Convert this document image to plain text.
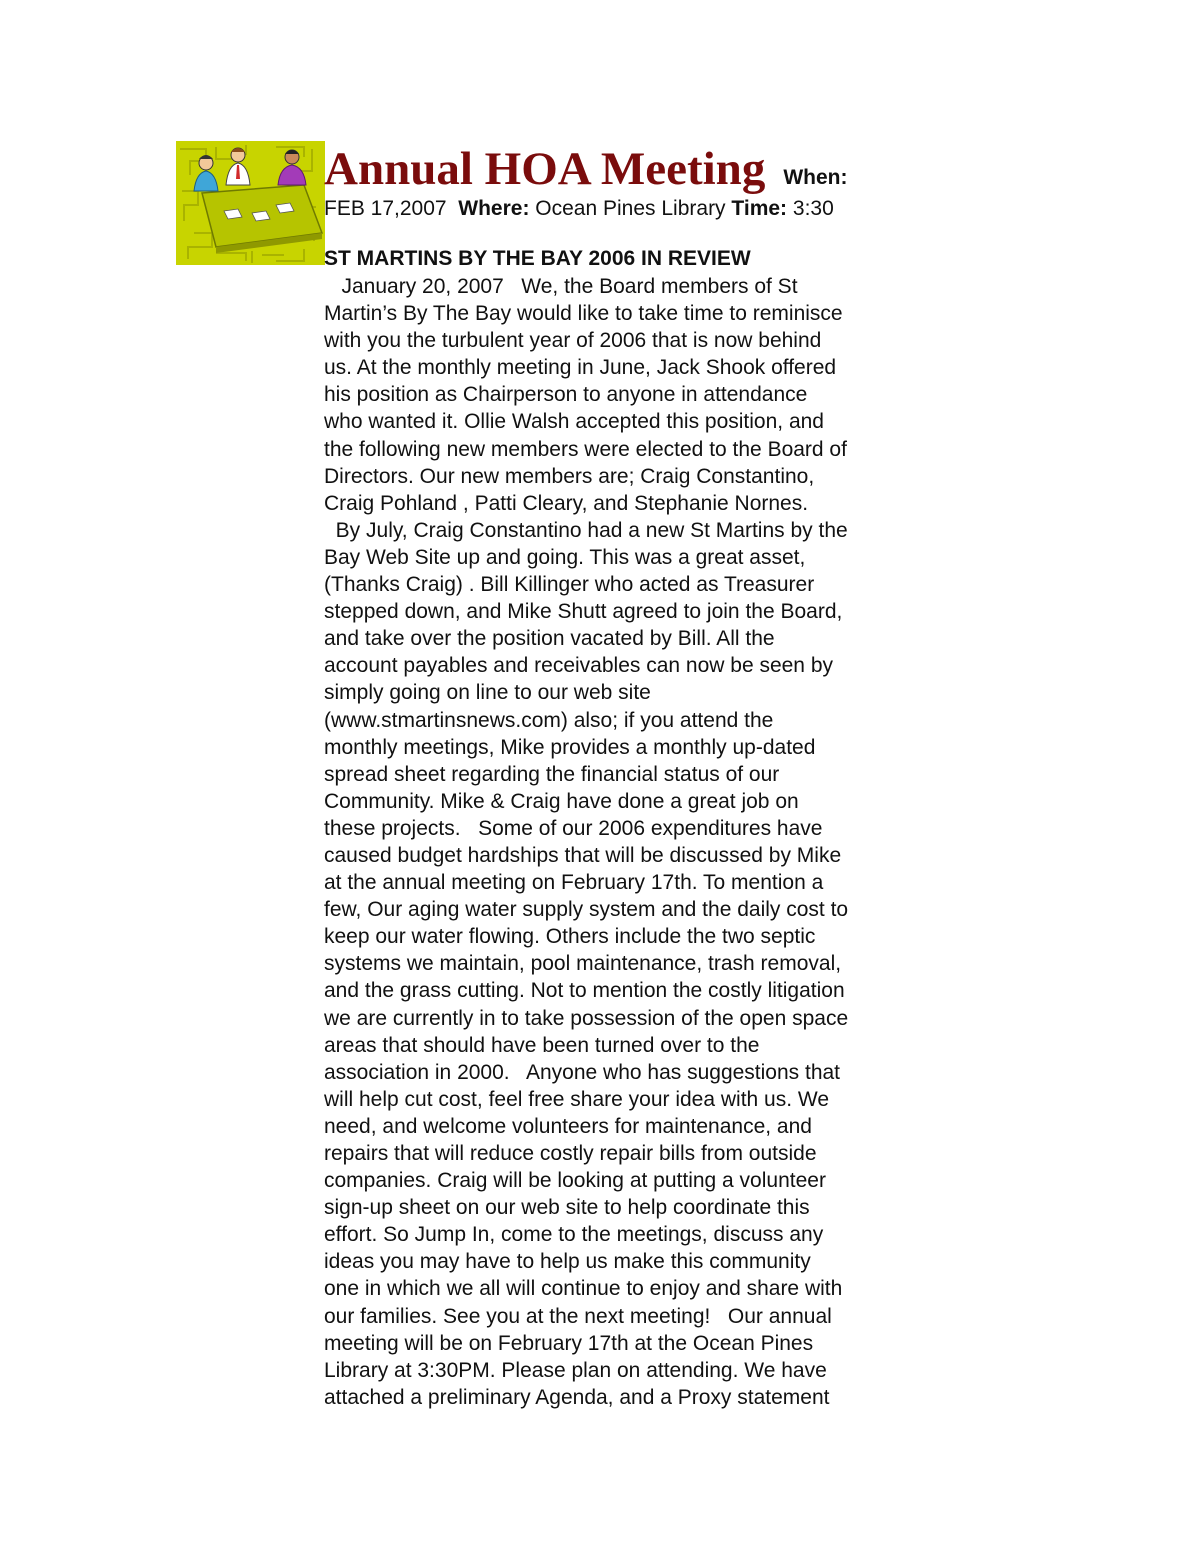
Annual HOA Meeting When:
FEB 17,2007 Where: Ocean Pines Library Time: 3:30
ST MARTINS BY THE BAY 2006 IN REVIEW
January 20, 2007   We, the Board members of St
Martin’s By The Bay would like to take time to reminisce
with you the turbulent year of 2006 that is now behind
us. At the monthly meeting in June, Jack Shook offered
his position as Chairperson to anyone in attendance
who wanted it. Ollie Walsh accepted this position, and
the following new members were elected to the Board of
Directors. Our new members are; Craig Constantino,
Craig Pohland , Patti Cleary, and Stephanie Nornes.
By July, Craig Constantino had a new St Martins by the
Bay Web Site up and going. This was a great asset,
(Thanks Craig) . Bill Killinger who acted as Treasurer
stepped down, and Mike Shutt agreed to join the Board,
and take over the position vacated by Bill. All the
account payables and receivables can now be seen by
simply going on line to our web site
(www.stmartinsnews.com) also; if you attend the
monthly meetings, Mike provides a monthly up-dated
spread sheet regarding the financial status of our
Community. Mike & Craig have done a great job on
these projects.   Some of our 2006 expenditures have
caused budget hardships that will be discussed by Mike
at the annual meeting on February 17th. To mention a
few, Our aging water supply system and the daily cost to
keep our water flowing. Others include the two septic
systems we maintain, pool maintenance, trash removal,
and the grass cutting. Not to mention the costly litigation
we are currently in to take possession of the open space
areas that should have been turned over to the
association in 2000.   Anyone who has suggestions that
will help cut cost, feel free share your idea with us. We
need, and welcome volunteers for maintenance, and
repairs that will reduce costly repair bills from outside
companies. Craig will be looking at putting a volunteer
sign-up sheet on our web site to help coordinate this
effort. So Jump In, come to the meetings, discuss any
ideas you may have to help us make this community
one in which we all will continue to enjoy and share with
our families. See you at the next meeting!   Our annual
meeting will be on February 17th at the Ocean Pines
Library at 3:30PM. Please plan on attending. We have
attached a preliminary Agenda, and a Proxy statement
